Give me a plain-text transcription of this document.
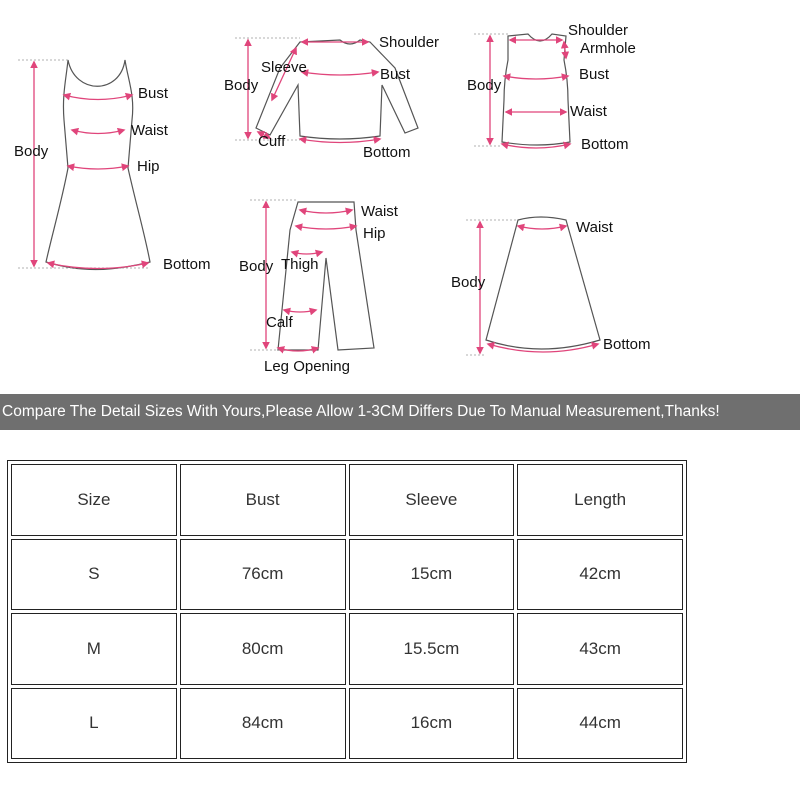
Body
Bust
Waist
Hip
Bottom
Body
Sleeve
Shoulder
Bust
Cuff
Bottom
Body
Shoulder
Armhole
Bust
Waist
Bottom
Waist
Hip
Body Thigh
Calf
Leg Opening
Waist
Body
Bottom
Compare The Detail Sizes With Yours,Please Allow 1-3CM Differs Due To Manual Measurement,Thanks!
Size	Bust	Sleeve	Length
S	76cm	15cm	42cm
M	80cm	15.5cm	43cm
L	84cm	16cm	44cm
